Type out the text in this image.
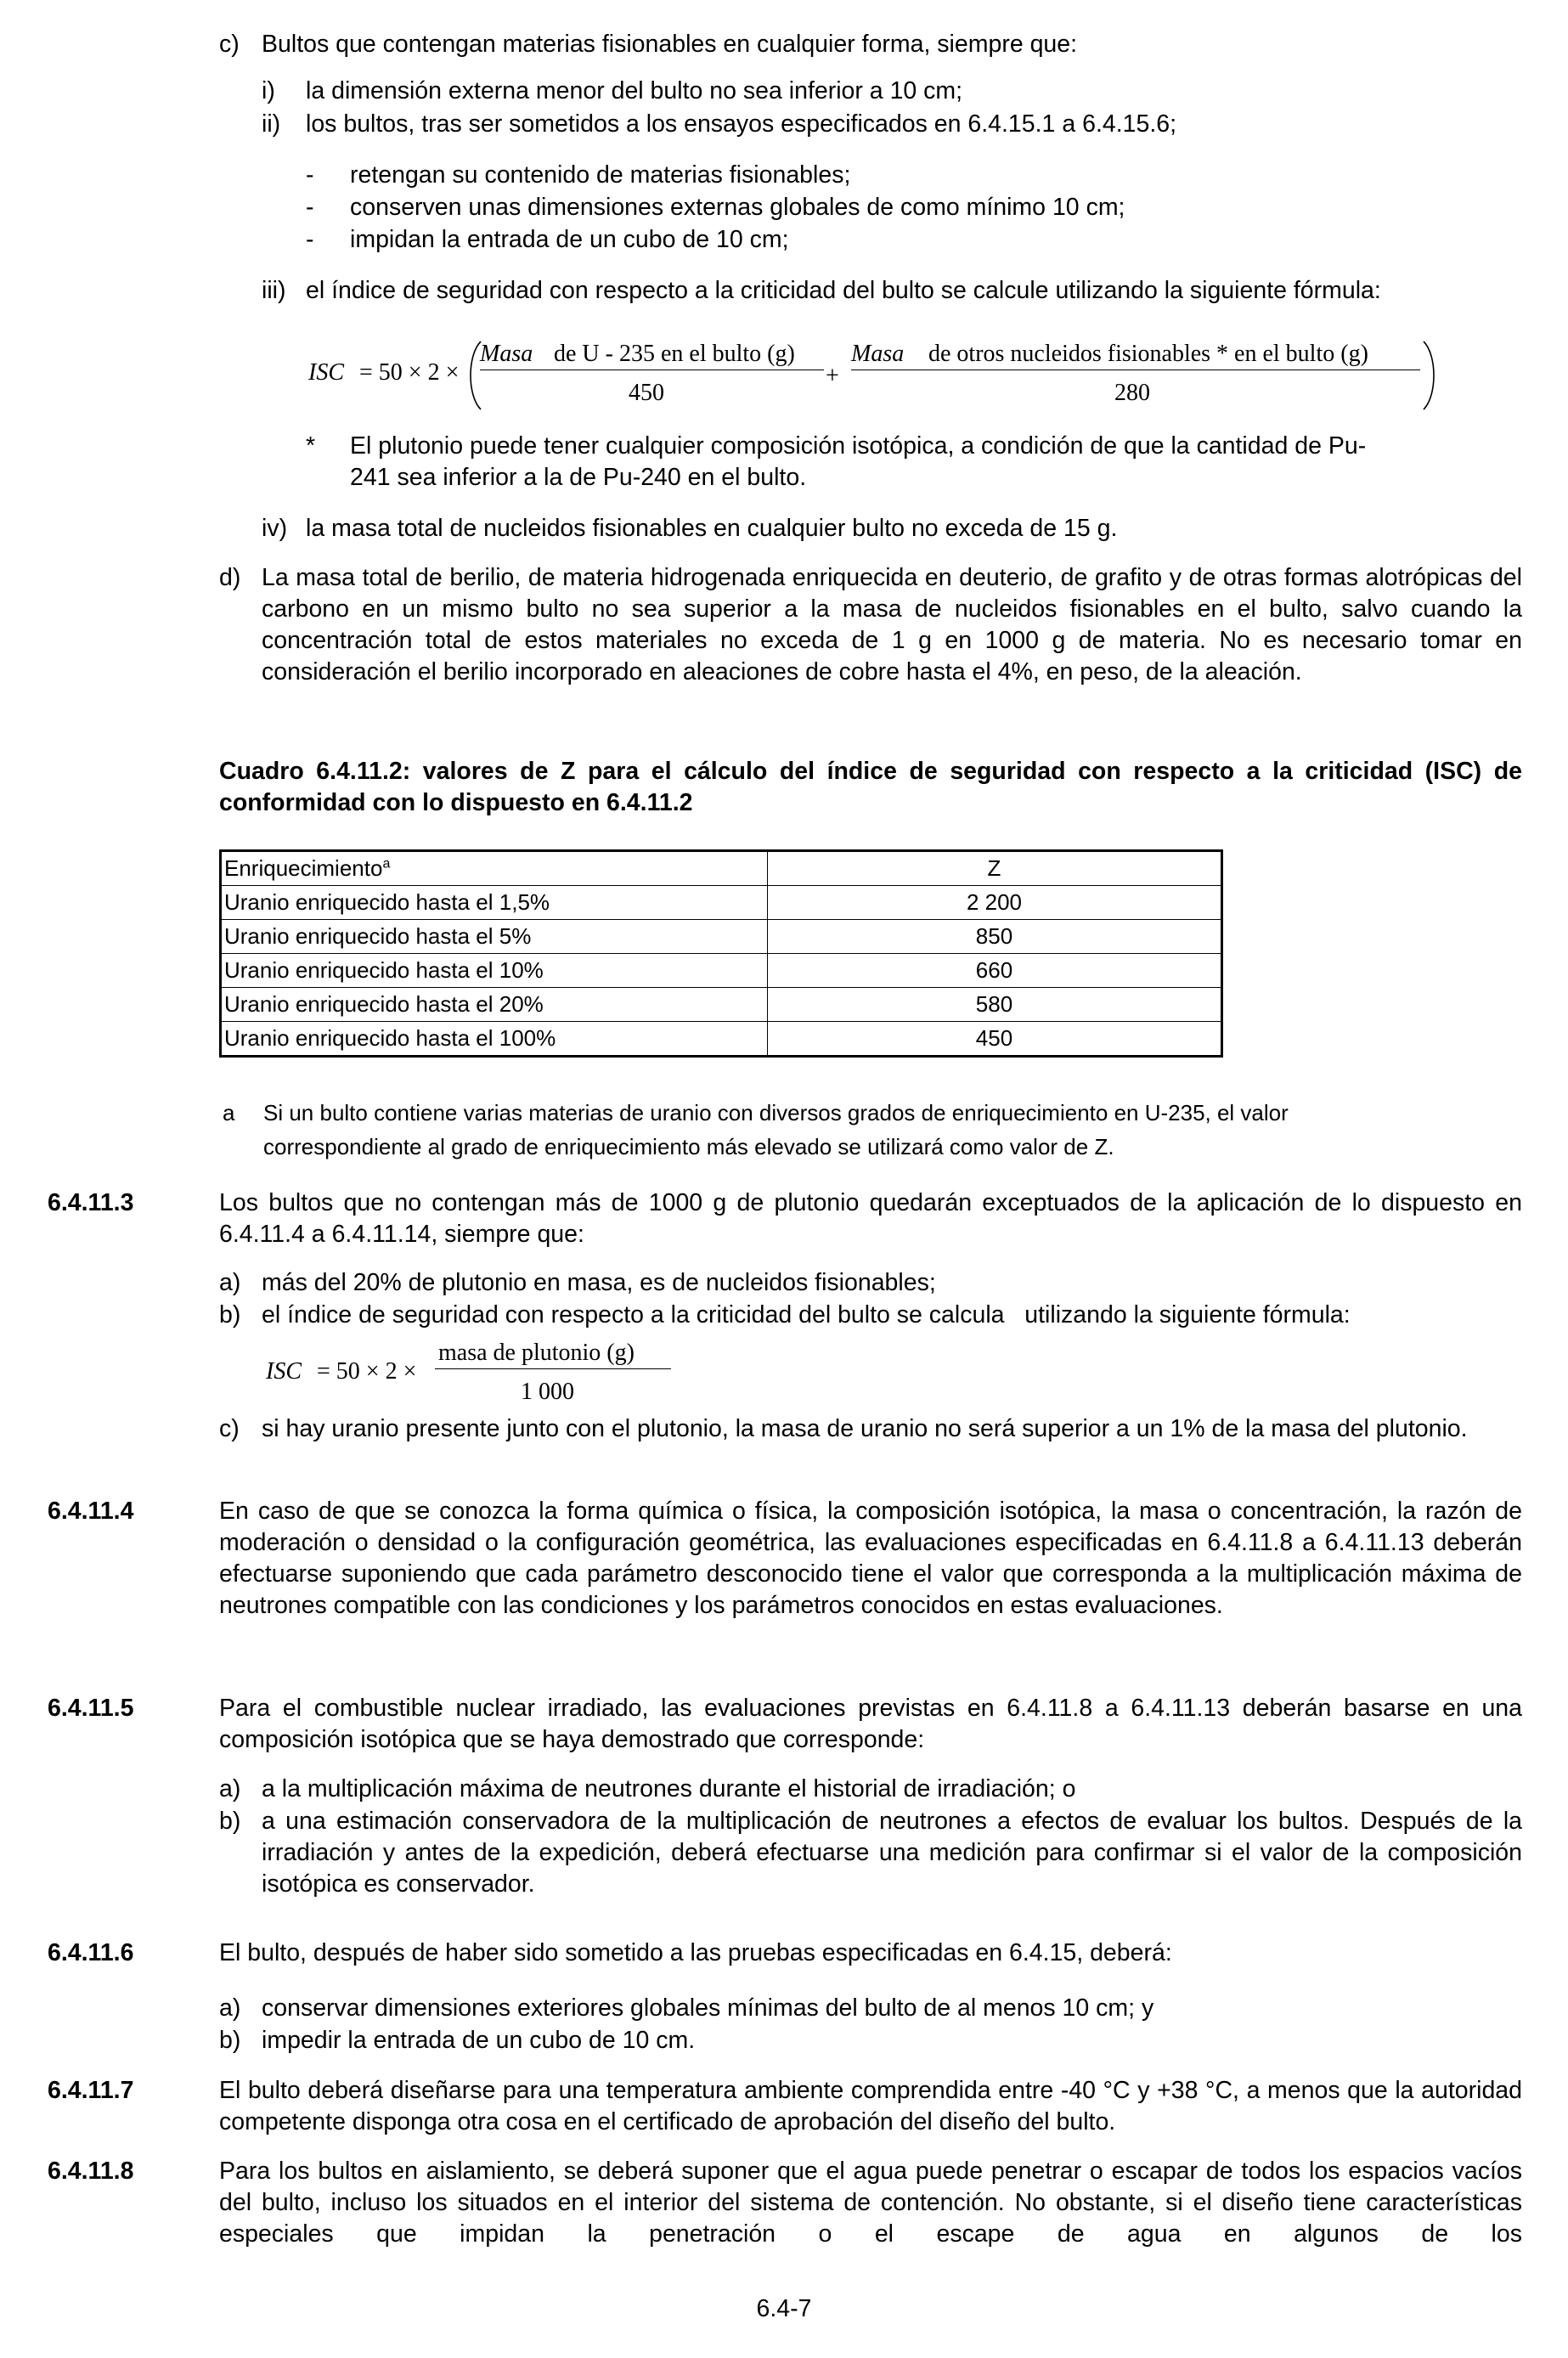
c) Bultos que contengan materias fisionables en cualquier forma, siempre que:
i)	la dimensión externa menor del bulto no sea inferior a 10 cm;
ii)	los bultos, tras ser sometidos a los ensayos especificados en 6.4.15.1 a 6.4.15.6;
-	retengan su contenido de materias fisionables;
-	conserven unas dimensiones externas globales de como mínimo 10 cm;
-	impidan la entrada de un cubo de 10 cm;
iii) el índice de seguridad con respecto a la criticidad del bulto se calcule utilizando la siguiente fórmula:
ISC = 50 × 2 ×
Masa de U - 235 en el bulto (g)
450
+
Masa de otros nucleidos fisionables * en el bulto (g)
280
*	El plutonio puede tener cualquier composición isotópica, a condición de que la cantidad de Pu-
241 sea inferior a la de Pu-240 en el bulto.
iv) la masa total de nucleidos fisionables en cualquier bulto no exceda de 15 g.
d) La masa total de berilio, de materia hidrogenada enriquecida en deuterio, de grafito y de otras formas alotrópicas del carbono en un mismo bulto no sea superior a la masa de nucleidos fisionables en el bulto, salvo cuando la concentración total de estos materiales no exceda de 1 g en 1000 g de materia. No es necesario tomar en consideración el berilio incorporado en aleaciones de cobre hasta el 4%, en peso, de la aleación.
Cuadro 6.4.11.2: valores de Z para el cálculo del índice de seguridad con respecto a la criticidad (ISC) de conformidad con lo dispuesto en 6.4.11.2
Enriquecimiento$^a$	Z
Uranio enriquecido hasta el 1,5%	2 200
Uranio enriquecido hasta el 5%	850
Uranio enriquecido hasta el 10%	660
Uranio enriquecido hasta el 20%	580
Uranio enriquecido hasta el 100%	450
a	Si un bulto contiene varias materias de uranio con diversos grados de enriquecimiento en U-235, el valor
correspondiente al grado de enriquecimiento más elevado se utilizará como valor de Z.
6.4.11.3	Los bultos que no contengan más de 1000 g de plutonio quedarán exceptuados de la aplicación de lo dispuesto en 6.4.11.4 a 6.4.11.14, siempre que:
a) más del 20% de plutonio en masa, es de nucleidos fisionables;
b) el índice de seguridad con respecto a la criticidad del bulto se calcula   utilizando la siguiente fórmula:
ISC = 50 × 2 ×
masa de plutonio (g)
1 000
c) si hay uranio presente junto con el plutonio, la masa de uranio no será superior a un 1% de la masa del plutonio.
6.4.11.4	En caso de que se conozca la forma química o física, la composición isotópica, la masa o concentración, la razón de moderación o densidad o la configuración geométrica, las evaluaciones especificadas en 6.4.11.8 a 6.4.11.13 deberán efectuarse suponiendo que cada parámetro desconocido tiene el valor que corresponda a la multiplicación máxima de neutrones compatible con las condiciones y los parámetros conocidos en estas evaluaciones.
6.4.11.5	Para el combustible nuclear irradiado, las evaluaciones previstas en 6.4.11.8 a 6.4.11.13 deberán basarse en una composición isotópica que se haya demostrado que corresponde:
a) a la multiplicación máxima de neutrones durante el historial de irradiación; o
b) a una estimación conservadora de la multiplicación de neutrones a efectos de evaluar los bultos. Después de la irradiación y antes de la expedición, deberá efectuarse una medición para confirmar si el valor de la composición isotópica es conservador.
6.4.11.6	El bulto, después de haber sido sometido a las pruebas especificadas en 6.4.15, deberá:
a) conservar dimensiones exteriores globales mínimas del bulto de al menos 10 cm; y
b) impedir la entrada de un cubo de 10 cm.
6.4.11.7	El bulto deberá diseñarse para una temperatura ambiente comprendida entre -40 °C y +38 °C, a menos que la autoridad competente disponga otra cosa en el certificado de aprobación del diseño del bulto.
6.4.11.8	Para los bultos en aislamiento, se deberá suponer que el agua puede penetrar o escapar de todos los espacios vacíos del bulto, incluso los situados en el interior del sistema de contención. No obstante, si el diseño tiene características especiales que impidan la penetración o el escape de agua en algunos de los
6.4-7
